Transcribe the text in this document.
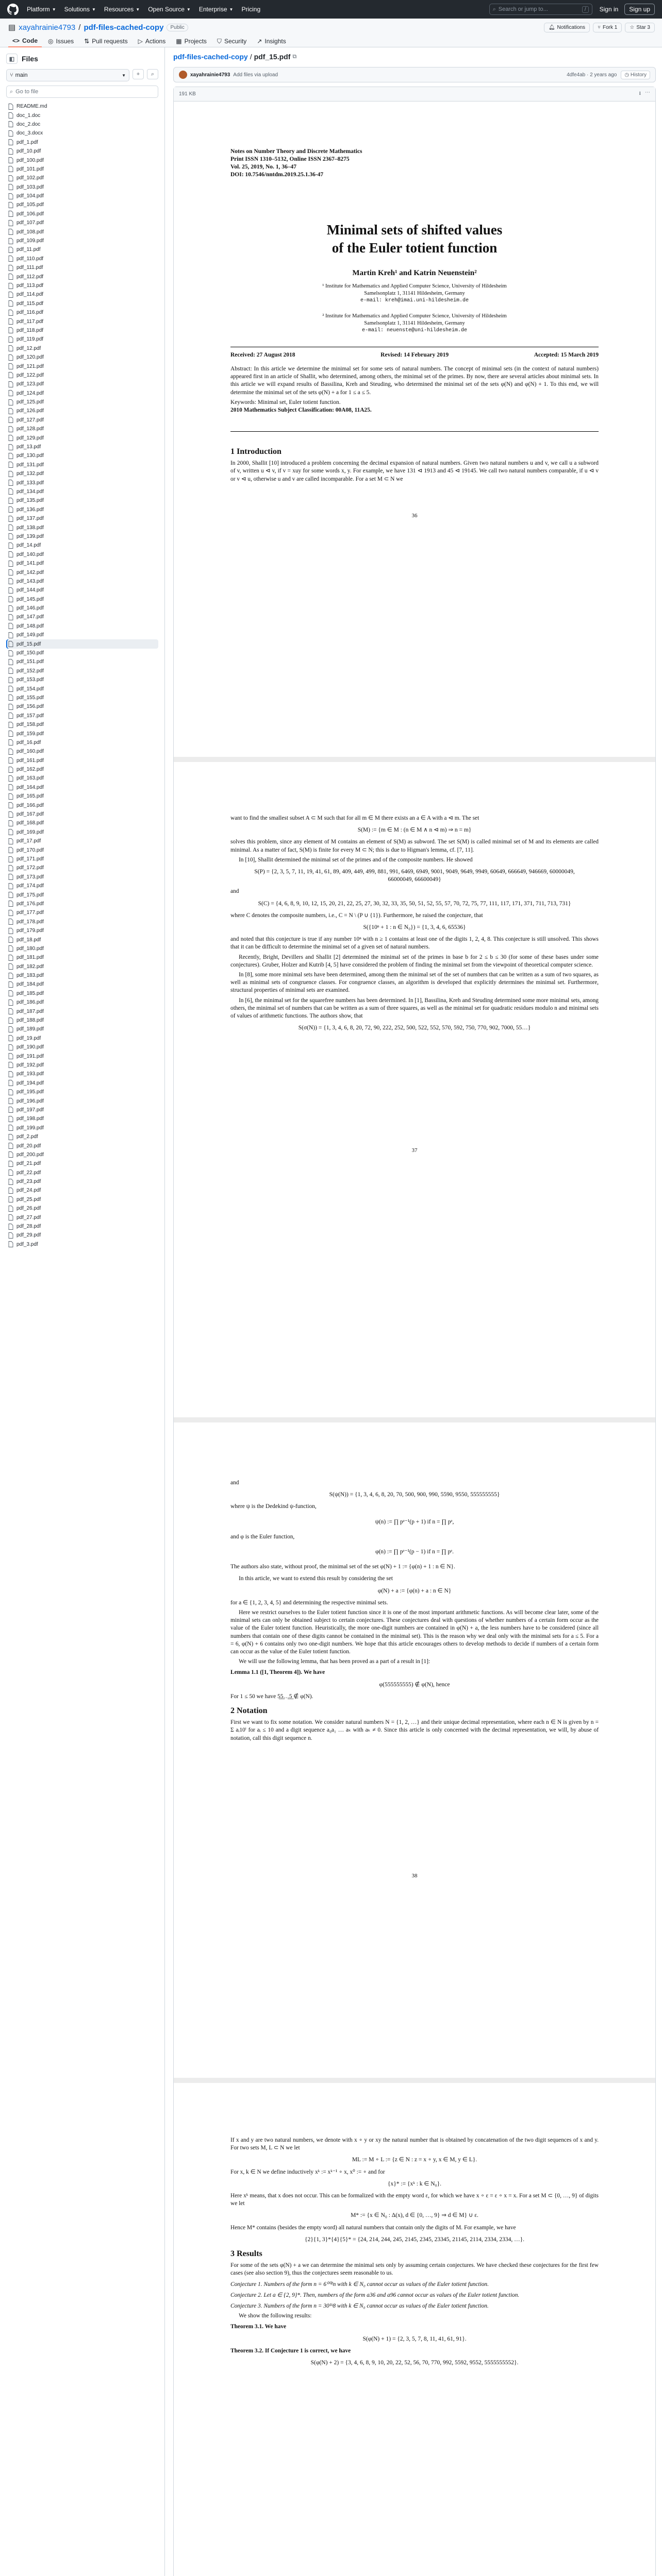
Platform ▼ Solutions ▼ Resources ▼ Open Source ▼ Enterprise ▼ Pricing	⌕ Search or jump to...	/	Sign in	Sign up
▤ xayahrainie4793 / pdf-files-cached-copy	Public	🔔︎ Notifications ⑂ Fork 1 ☆ Star 3
<> Code ◎ Issues ⇅ Pull requests ▷ Actions ▦ Projects ⛉ Security ↗ Insights
◧ Files
⑂ main	▼	+	⌕
⌕ Go to file
README.md
doc_1.doc
doc_2.doc
doc_3.docx
pdf_1.pdf
pdf_10.pdf
pdf_100.pdf
pdf_101.pdf
pdf_102.pdf
pdf_103.pdf
pdf_104.pdf
pdf_105.pdf
pdf_106.pdf
pdf_107.pdf
pdf_108.pdf
pdf_109.pdf
pdf_11.pdf
pdf_110.pdf
pdf_111.pdf
pdf_112.pdf
pdf_113.pdf
pdf_114.pdf
pdf_115.pdf
pdf_116.pdf
pdf_117.pdf
pdf_118.pdf
pdf_119.pdf
pdf_12.pdf
pdf_120.pdf
pdf_121.pdf
pdf_122.pdf
pdf_123.pdf
pdf_124.pdf
pdf_125.pdf
pdf_126.pdf
pdf_127.pdf
pdf_128.pdf
pdf_129.pdf
pdf_13.pdf
pdf_130.pdf
pdf_131.pdf
pdf_132.pdf
pdf_133.pdf
pdf_134.pdf
pdf_135.pdf
pdf_136.pdf
pdf_137.pdf
pdf_138.pdf
pdf_139.pdf
pdf_14.pdf
pdf_140.pdf
pdf_141.pdf
pdf_142.pdf
pdf_143.pdf
pdf_144.pdf
pdf_145.pdf
pdf_146.pdf
pdf_147.pdf
pdf_148.pdf
pdf_149.pdf
pdf_15.pdf
pdf_150.pdf
pdf_151.pdf
pdf_152.pdf
pdf_153.pdf
pdf_154.pdf
pdf_155.pdf
pdf_156.pdf
pdf_157.pdf
pdf_158.pdf
pdf_159.pdf
pdf_16.pdf
pdf_160.pdf
pdf_161.pdf
pdf_162.pdf
pdf_163.pdf
pdf_164.pdf
pdf_165.pdf
pdf_166.pdf
pdf_167.pdf
pdf_168.pdf
pdf_169.pdf
pdf_17.pdf
pdf_170.pdf
pdf_171.pdf
pdf_172.pdf
pdf_173.pdf
pdf_174.pdf
pdf_175.pdf
pdf_176.pdf
pdf_177.pdf
pdf_178.pdf
pdf_179.pdf
pdf_18.pdf
pdf_180.pdf
pdf_181.pdf
pdf_182.pdf
pdf_183.pdf
pdf_184.pdf
pdf_185.pdf
pdf_186.pdf
pdf_187.pdf
pdf_188.pdf
pdf_189.pdf
pdf_19.pdf
pdf_190.pdf
pdf_191.pdf
pdf_192.pdf
pdf_193.pdf
pdf_194.pdf
pdf_195.pdf
pdf_196.pdf
pdf_197.pdf
pdf_198.pdf
pdf_199.pdf
pdf_2.pdf
pdf_20.pdf
pdf_200.pdf
pdf_21.pdf
pdf_22.pdf
pdf_23.pdf
pdf_24.pdf
pdf_25.pdf
pdf_26.pdf
pdf_27.pdf
pdf_28.pdf
pdf_29.pdf
pdf_3.pdf
pdf-files-cached-copy / pdf_15.pdf ⧉
xayahrainie4793 Add files via upload	4dfe4ab · 2 years ago	◷ History
191 KB	⭳ ⋯
Notes on Number Theory and Discrete Mathematics
Print ISSN 1310–5132, Online ISSN 2367–8275
Vol. 25, 2019, No. 1, 36–47
DOI: 10.7546/nntdm.2019.25.1.36-47
Minimal sets of shifted values
of the Euler totient function
Martin Kreh¹ and Katrin Neuenstein²
¹ Institute for Mathematics and Applied Computer Science, University of Hildesheim
Samelsonplatz 1, 31141 Hildesheim, Germany
e-mail: kreh@imai.uni-hildesheim.de
² Institute for Mathematics and Applied Computer Science, University of Hildesheim
Samelsonplatz 1, 31141 Hildesheim, Germany
e-mail: neuenste@uni-hildesheim.de
Received: 27 August 2018	Revised: 14 February 2019	Accepted: 15 March 2019

Abstract: In this article we determine the minimal set for some sets of natural numbers. The concept of minimal sets (in the context of natural numbers) appeared first in an article of Shallit, who determined, among others, the minimal set of the primes. By now, there are several articles about minimal sets. In this article we will expand results of Bassilina, Kreh and Steuding, who determined the minimal set of the sets φ(N) and φ(N) + 1. To this end, we will determine the minimal set of the sets φ(N) + a for 1 ≤ a ≤ 5.

Keywords: Minimal set, Euler totient function.

2010 Mathematics Subject Classification: 00A08, 11A25.

1 Introduction

In 2000, Shallit [10] introduced a problem concerning the decimal expansion of natural numbers. Given two natural numbers u and v, we call u a subword of v, written u ⊲ v, if v = xuy for some words x, y. For example, we have 131 ⊲ 1913 and 45 ⊲ 19145. We call two natural numbers comparable, if u ⊲ v or v ⊲ u, otherwise u and v are called incomparable. For a set M ⊂ N we

36

want to find the smallest subset A ⊂ M such that for all m ∈ M there exists an a ∈ A with a ⊲ m. The set

S(M) := {m ∈ M : (n ∈ M ∧ n ⊲ m) ⇒ n = m}

solves this problem, since any element of M contains an element of S(M) as subword. The set S(M) is called minimal set of M and its elements are called minimal. As a matter of fact, S(M) is finite for every M ⊂ N; this is due to Higman's lemma, cf. [7, 11].

In [10], Shallit determined the minimal set of the primes and of the composite numbers. He showed

S(P) = {2, 3, 5, 7, 11, 19, 41, 61, 89, 409, 449, 499, 881, 991, 6469, 6949, 9001, 9049, 9649, 9949, 60649, 666649, 946669, 60000049, 66000049, 66600049}

and

S(C) = {4, 6, 8, 9, 10, 12, 15, 20, 21, 22, 25, 27, 30, 32, 33, 35, 50, 51, 52, 55, 57, 70, 72, 75, 77, 111, 117, 171, 371, 711, 713, 731}

where C denotes the composite numbers, i.e., C = N \ (P ∪ {1}). Furthermore, he raised the conjecture, that

S({10ⁿ + 1 : n ∈ N₀}) = {1, 3, 4, 6, 65536}

and noted that this conjecture is true if any number 10ⁿ with n ≥ 1 contains at least one of the digits 1, 2, 4, 8. This conjecture is still unsolved. This shows that it can be difficult to determine the minimal set of a given set of natural numbers.

Recently, Bright, Devillers and Shallit [2] determined the minimal set of the primes in base b for 2 ≤ b ≤ 30 (for some of these bases under some conjectures). Gruber, Holzer and Kutrib [4, 5] have considered the problem of finding the minimal set from the viewpoint of theoretical computer science.

In [8], some more minimal sets have been determined, among them the minimal set of the set of numbers that can be written as a sum of two squares, as well as minimal sets of congruence classes. For congruence classes, an algorithm is developed that explicitly determines the minimal set. Furthermore, structural properties of minimal sets are examined.

In [6], the minimal set for the squarefree numbers has been determined. In [1], Bassilina, Kreh and Steuding determined some more minimal sets, among others, the minimal set of numbers that can be written as a sum of three squares, as well as the minimal set for quadratic residues modulo n and minimal sets of values of arithmetic functions. The authors show, that

S(σ(N)) = {1, 3, 4, 6, 8, 20, 72, 90, 222, 252, 500, 522, 552, 570, 592, 750, 770, 902, 7000, 55…}
37

and

S(ψ(N)) = {1, 3, 4, 6, 8, 20, 70, 500, 900, 990, 5590, 9550, 555555555}

where ψ is the Dedekind ψ-function,

ψ(n) := ∏ pᵉ⁻¹(p + 1) if n = ∏ pᵉ,

and φ is the Euler function,

φ(n) := ∏ pᵉ⁻¹(p − 1) if n = ∏ pᵉ.

The authors also state, without proof, the minimal set of the set φ(N) + 1 := {φ(n) + 1 : n ∈ N}.

In this article, we want to extend this result by considering the set

φ(N) + a := {φ(n) + a : n ∈ N}

for a ∈ {1, 2, 3, 4, 5} and determining the respective minimal sets.

Here we restrict ourselves to the Euler totient function since it is one of the most important arithmetic functions. As will become clear later, some of the minimal sets can only be obtained subject to certain conjectures. These conjectures deal with questions of whether numbers of a certain form occur as the value of the Euler totient function. Heuristically, the more one-digit numbers are contained in φ(N) + a, the less numbers have to be considered (since all numbers that contain one of these digits cannot be contained in the minimal set). This is the reason why we deal only with the minimal sets for a ≤ 5. For a = 6, φ(N) + 6 contains only two one-digit numbers. We hope that this article encourages others to develop methods to decide if numbers of a certain form can occur as the value of the Euler totient function.

We will use the following lemma, that has been proved as a part of a result in [1]:

Lemma 1.1 ([1, Theorem 4]). We have

φ(555555555) ∉ φ(N), hence

For 1 ≤ 50 we have 5̲5̲…̲5̲ ∉ φ(N).

2 Notation

First we want to fix some notation. We consider natural numbers N = {1, 2, …} and their unique decimal representation, where each n ∈ N is given by n = Σ aᵢ10ⁱ for aᵢ ≤ 10 and a digit sequence a₀a₁ … aₖ with aₖ ≠ 0. Since this article is only concerned with the decimal representation, we will, by abuse of notation, call this digit sequence n.

38

If x and y are two natural numbers, we denote with x ∘ y or xy the natural number that is obtained by concatenation of the two digit sequences of x and y. For two sets M, L ⊂ N we let

ML := M ∘ L := {z ∈ N : z = x ∘ y, x ∈ M, y ∈ L}.

For x, k ∈ N we define inductively xᵏ := xᵏ⁻¹ ∘ x, x⁰ := ∘ and for

{x}* := {xᵏ : k ∈ N₀}.

Here xᵏ means, that x does not occur. This can be formalized with the empty word ε, for which we have x ∘ ε = ε ∘ x = x. For a set M ⊂ {0, …, 9} of digits we let

M* := {x ∈ N₀ : Δ(x), d ∈ {0, …, 9} ⇒ d ∈ M} ∪ ε.

Hence M* contains (besides the empty word) all natural numbers that contain only the digits of M. For example, we have

{2}{1, 3}*{4}{5}* = {24, 214, 244, 245, 2145, 2345, 23345, 21145, 2114, 2334, 2334, …}.
3 Results

For some of the sets φ(N) + a we can determine the minimal sets only by assuming certain conjectures. We have checked these conjectures for the first few cases (see also section 9), thus the conjectures seem reasonable to us.

Conjecture 1. Numbers of the form n = 6⁰⁰²n with k ∈ N₀ cannot occur as values of the Euler totient function.

Conjecture 2. Let a ∈ {2, 9}*. Then, numbers of the form a36 and a96 cannot occur as values of the Euler totient function.

Conjecture 3. Numbers of the form n = 30¹ᵏ8 with k ∈ N₀ cannot occur as values of the Euler totient function.

We show the following results:

Theorem 3.1. We have

S(φ(N) + 1) = {2, 3, 5, 7, 8, 11, 41, 61, 91}.

Theorem 3.2. If Conjecture 1 is correct, we have

S(φ(N) + 2) = {3, 4, 6, 8, 9, 10, 20, 22, 52, 56, 70, 770, 992, 5592, 9552, 5555555552}.
